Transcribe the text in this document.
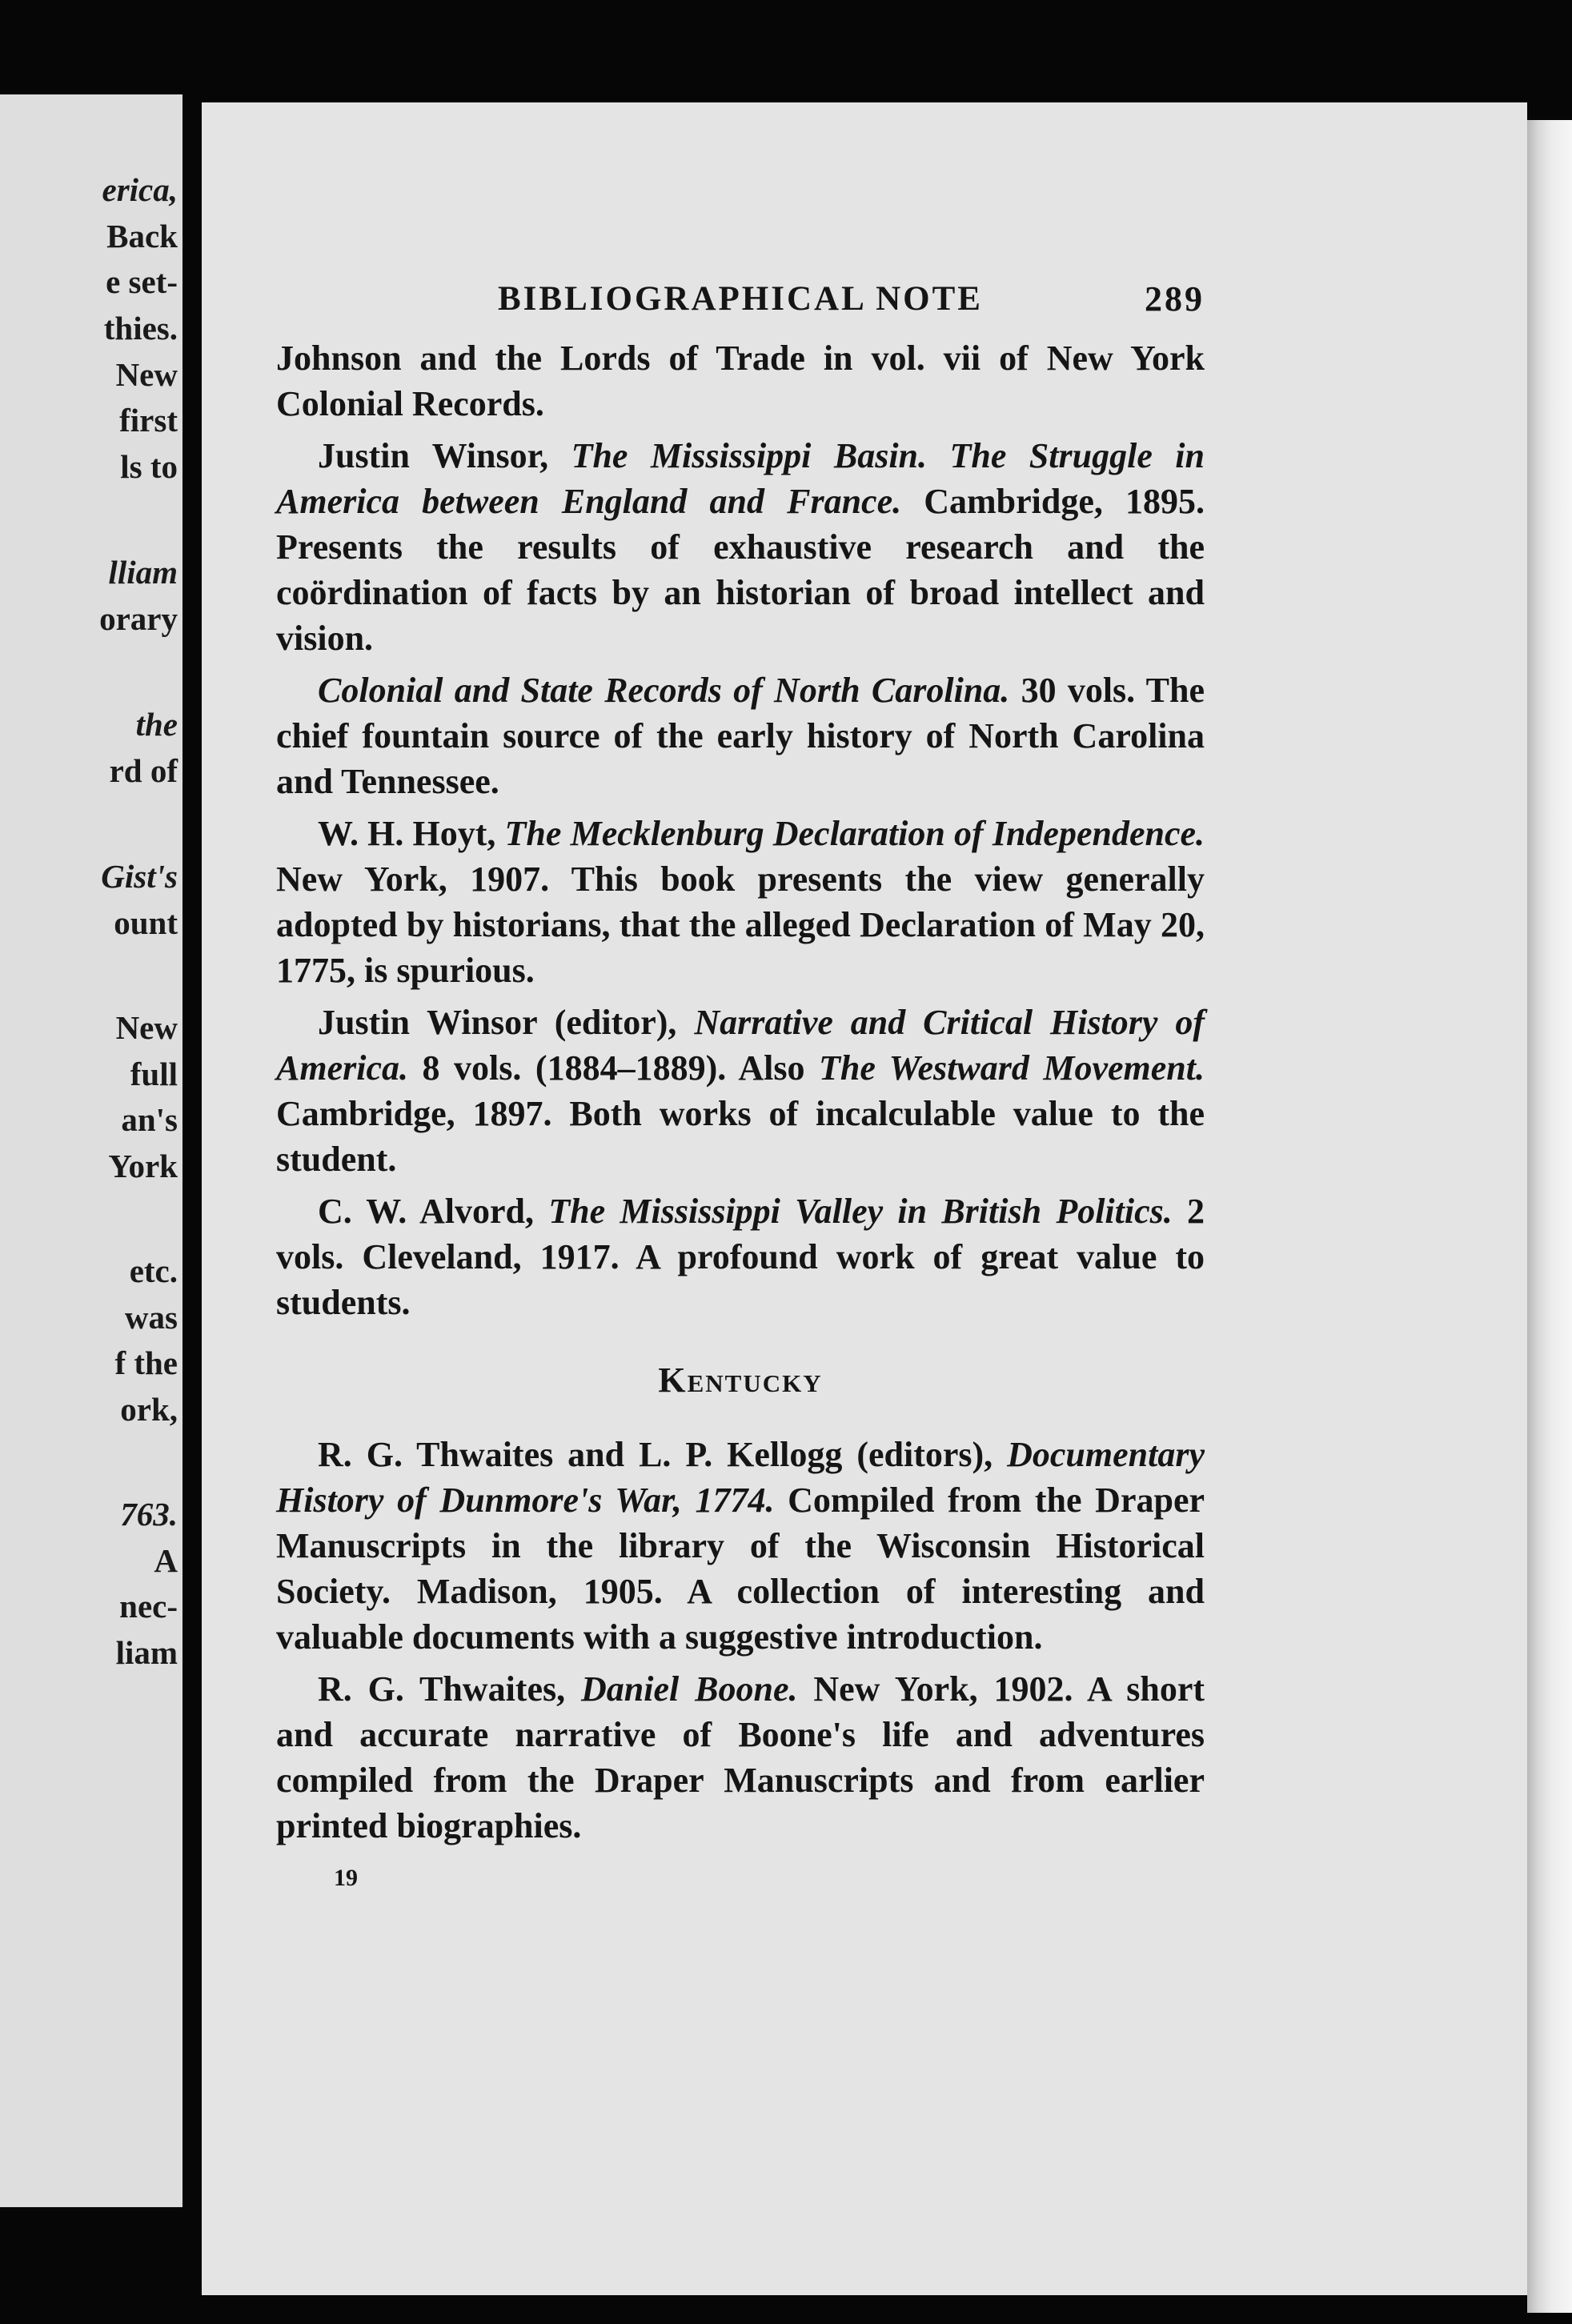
erica,
Back
e set-
thies.
New
first
ls to
lliam
orary
the
rd of
Gist's
ount
New
full
an's
York
etc.
was
f the
ork,
763.
A
nec-
liam
BIBLIOGRAPHICAL NOTE	289

Johnson and the Lords of Trade in vol. vii of New York Colonial Records.

Justin Winsor, The Mississippi Basin. The Struggle in America between England and France. Cambridge, 1895. Presents the results of exhaustive research and the coördination of facts by an historian of broad intellect and vision.

Colonial and State Records of North Carolina. 30 vols. The chief fountain source of the early history of North Carolina and Tennessee.

W. H. Hoyt, The Mecklenburg Declaration of Independence. New York, 1907. This book presents the view generally adopted by historians, that the alleged Declaration of May 20, 1775, is spurious.

Justin Winsor (editor), Narrative and Critical History of America. 8 vols. (1884–1889). Also The Westward Movement. Cambridge, 1897. Both works of incalculable value to the student.

C. W. Alvord, The Mississippi Valley in British Politics. 2 vols. Cleveland, 1917. A profound work of great value to students.

Kentucky

R. G. Thwaites and L. P. Kellogg (editors), Documentary History of Dunmore's War, 1774. Compiled from the Draper Manuscripts in the library of the Wisconsin Historical Society. Madison, 1905. A collection of interesting and valuable documents with a suggestive introduction.

R. G. Thwaites, Daniel Boone. New York, 1902. A short and accurate narrative of Boone's life and adventures compiled from the Draper Manuscripts and from earlier printed biographies.

19
